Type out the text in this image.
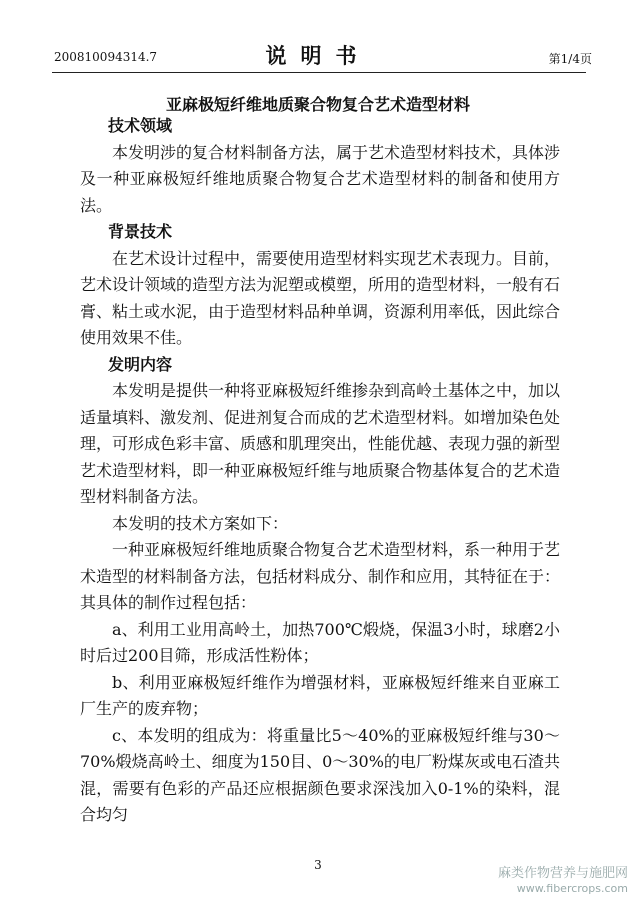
200810094314.7	说明书	第1/4页
亚麻极短纤维地质聚合物复合艺术造型材料
技术领域

本发明涉的复合材料制备方法，属于艺术造型材料技术，具体涉及一种亚麻极短纤维地质聚合物复合艺术造型材料的制备和使用方法。

背景技术

在艺术设计过程中，需要使用造型材料实现艺术表现力。目前，艺术设计领域的造型方法为泥塑或模塑，所用的造型材料，一般有石膏、粘土或水泥，由于造型材料品种单调，资源利用率低，因此综合使用效果不佳。

发明内容

本发明是提供一种将亚麻极短纤维掺杂到高岭土基体之中，加以适量填料、激发剂、促进剂复合而成的艺术造型材料。如增加染色处理，可形成色彩丰富、质感和肌理突出，性能优越、表现力强的新型艺术造型材料，即一种亚麻极短纤维与地质聚合物基体复合的艺术造型材料制备方法。

本发明的技术方案如下：

一种亚麻极短纤维地质聚合物复合艺术造型材料，系一种用于艺术造型的材料制备方法，包括材料成分、制作和应用，其特征在于：其具体的制作过程包括：

a、利用工业用高岭土，加热700℃煅烧，保温3小时，球磨2小时后过200目筛，形成活性粉体；

b、利用亚麻极短纤维作为增强材料，亚麻极短纤维来自亚麻工厂生产的废弃物；

c、本发明的组成为：将重量比5～40%的亚麻极短纤维与30～70%煅烧高岭土、细度为150目、0～30%的电厂粉煤灰或电石渣共混，需要有色彩的产品还应根据颜色要求深浅加入0-1%的染料，混合均匀

3
麻类作物营养与施肥网
www.fibercrops.com
